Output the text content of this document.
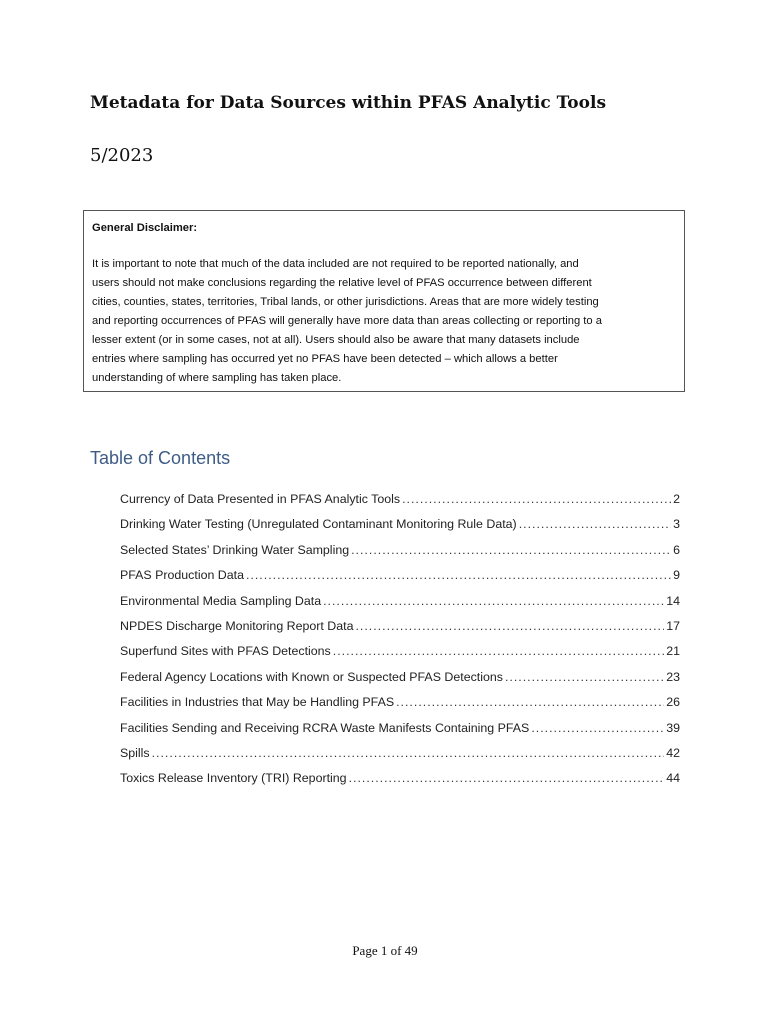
Metadata for Data Sources within PFAS Analytic Tools

5/2023

General Disclaimer:
It is important to note that much of the data included are not required to be reported nationally, and
users should not make conclusions regarding the relative level of PFAS occurrence between different
cities, counties, states, territories, Tribal lands, or other jurisdictions. Areas that are more widely testing
and reporting occurrences of PFAS will generally have more data than areas collecting or reporting to a
lesser extent (or in some cases, not at all). Users should also be aware that many datasets include
entries where sampling has occurred yet no PFAS have been detected – which allows a better
understanding of where sampling has taken place.
Table of Contents
Currency of Data Presented in PFAS Analytic Tools .....	2
Drinking Water Testing (Unregulated Contaminant Monitoring Rule Data) .....	3
Selected States’ Drinking Water Sampling .....	6
PFAS Production Data .....	9
Environmental Media Sampling Data .....	14
NPDES Discharge Monitoring Report Data .....	17
Superfund Sites with PFAS Detections .....	21
Federal Agency Locations with Known or Suspected PFAS Detections .....	23
Facilities in Industries that May be Handling PFAS .....	26
Facilities Sending and Receiving RCRA Waste Manifests Containing PFAS .....	39
Spills .....	42
Toxics Release Inventory (TRI) Reporting .....	44
Page 1 of 49
